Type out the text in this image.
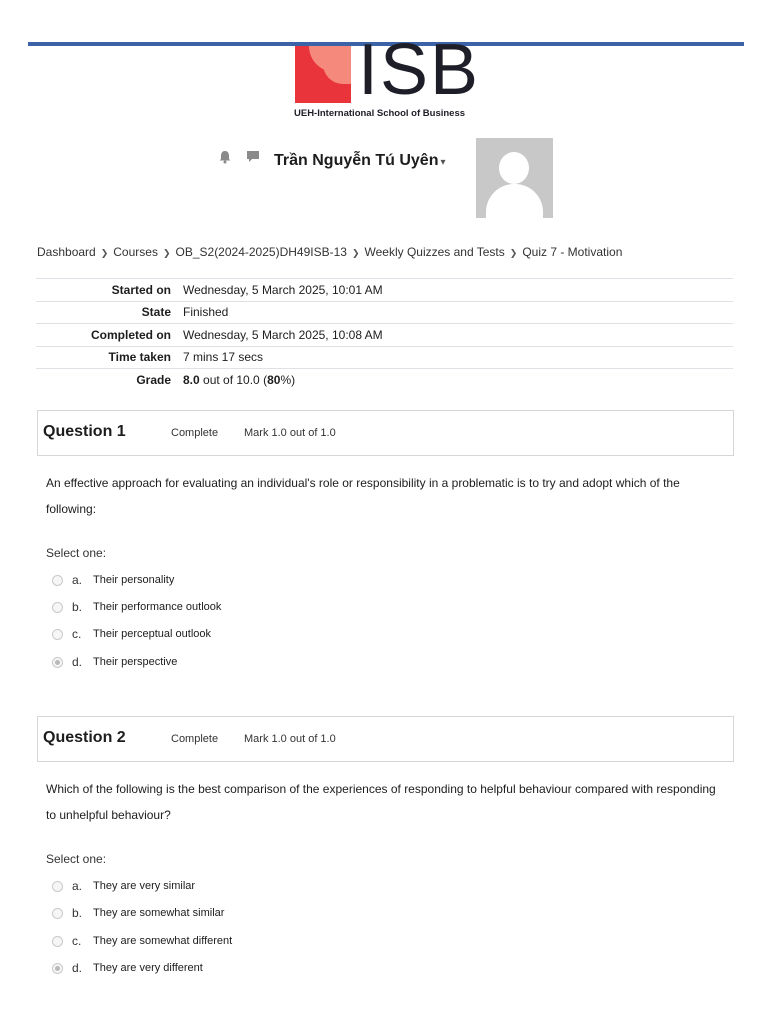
ISB
UEH-International School of Business
Trần Nguyễn Tú Uyên ▾
Dashboard ❯ Courses ❯ OB_S2(2024-2025)DH49ISB-13 ❯ Weekly Quizzes and Tests ❯ Quiz 7 - Motivation
Started on	Wednesday, 5 March 2025, 10:01 AM
State	Finished
Completed on	Wednesday, 5 March 2025, 10:08 AM
Time taken	7 mins 17 secs
Grade	8.0 out of 10.0 (80%)
Question 1	Complete Mark 1.0 out of 1.0
An effective approach for evaluating an individual's role or responsibility in a problematic is to try and adopt which of the following:
Select one:
a. Their personality
b. Their performance outlook
c. Their perceptual outlook
d. Their perspective
Question 2	Complete Mark 1.0 out of 1.0
Which of the following is the best comparison of the experiences of responding to helpful behaviour compared with responding to unhelpful behaviour?
Select one:
a. They are very similar
b. They are somewhat similar
c. They are somewhat different
d. They are very different
